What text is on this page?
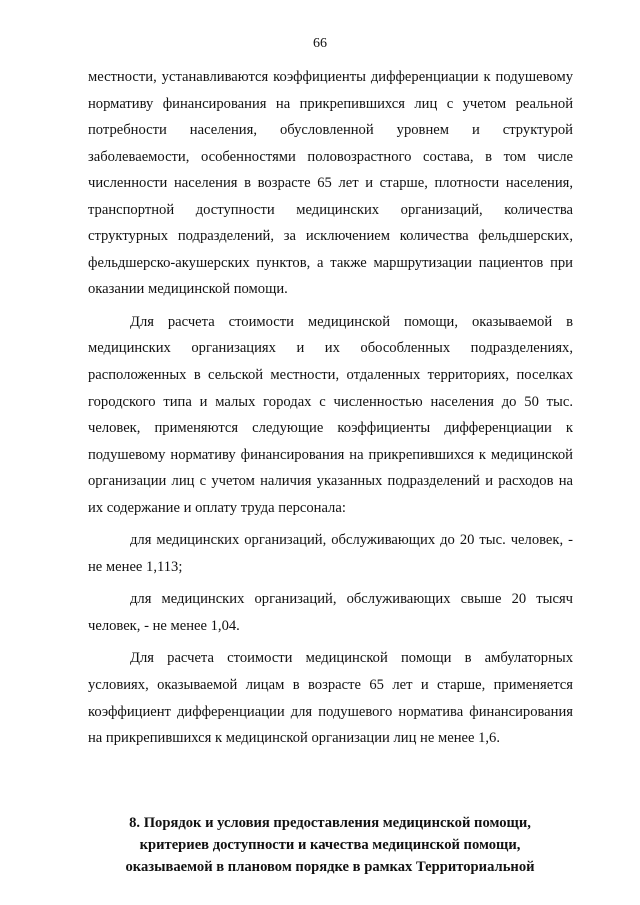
66

местности, устанавливаются коэффициенты дифференциации к подушевому нормативу финансирования на прикрепившихся лиц с учетом реальной потребности населения, обусловленной уровнем и структурой заболеваемости, особенностями половозрастного состава, в том числе численности населения в возрасте 65 лет и старше, плотности населения, транспортной доступности медицинских организаций, количества структурных подразделений, за исключением количества фельдшерских, фельдшерско-акушерских пунктов, а также маршрутизации пациентов при оказании медицинской помощи.

Для расчета стоимости медицинской помощи, оказываемой в медицинских организациях и их обособленных подразделениях, расположенных в сельской местности, отдаленных территориях, поселках городского типа и малых городах с численностью населения до 50 тыс. человек, применяются следующие коэффициенты дифференциации к подушевому нормативу финансирования на прикрепившихся к медицинской организации лиц с учетом наличия указанных подразделений и расходов на их содержание и оплату труда персонала:

для медицинских организаций, обслуживающих до 20 тыс. человек, - не менее 1,113;

для медицинских организаций, обслуживающих свыше 20 тысяч человек, - не менее 1,04.

Для расчета стоимости медицинской помощи в амбулаторных условиях, оказываемой лицам в возрасте 65 лет и старше, применяется коэффициент дифференциации для подушевого норматива финансирования на прикрепившихся к медицинской организации лиц не менее 1,6.

8. Порядок и условия предоставления медицинской помощи,
критериев доступности и качества медицинской помощи,
оказываемой в плановом порядке в рамках Территориальной
